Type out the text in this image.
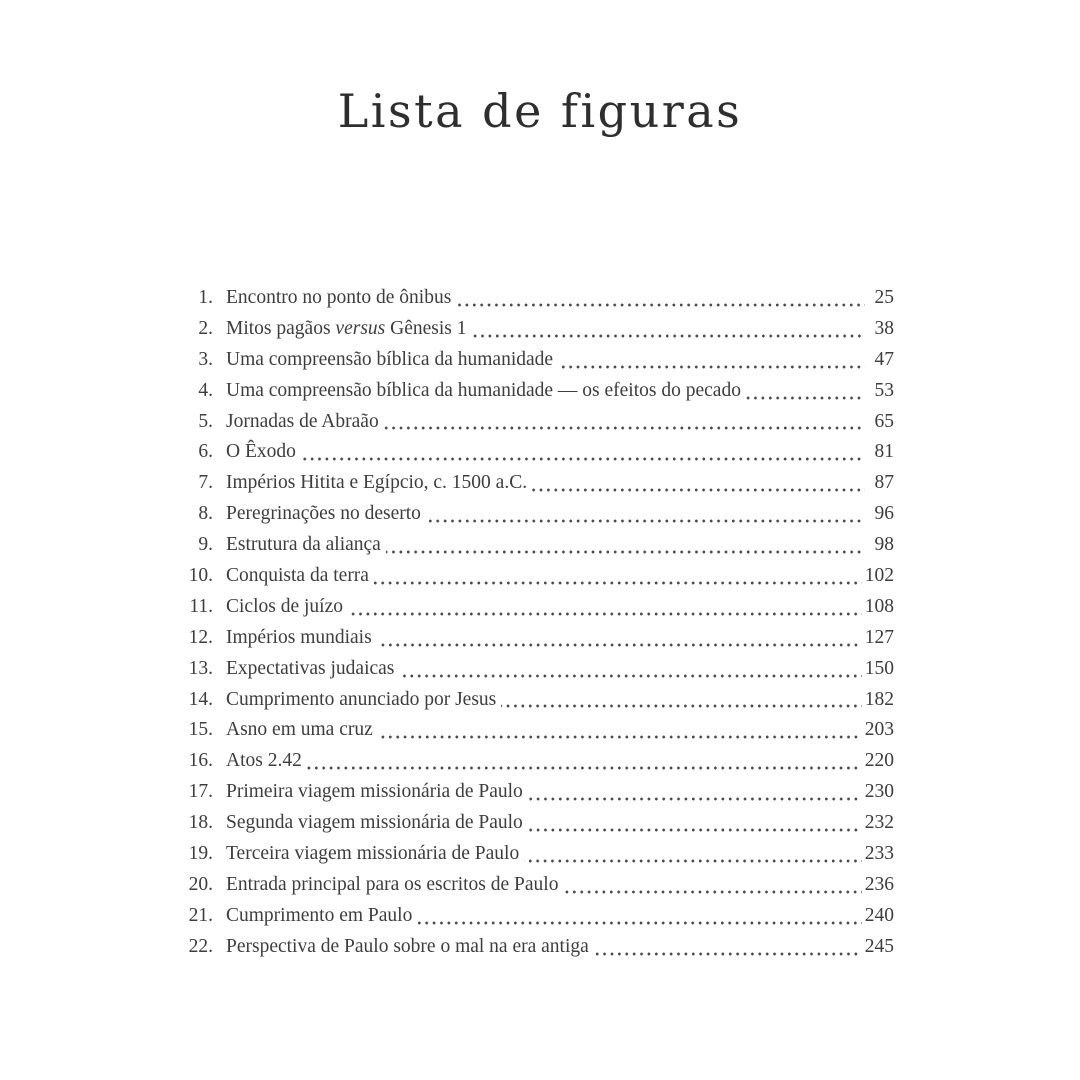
Lista de figuras
1. Encontro no ponto de ônibus	25
2. Mitos pagãos versus Gênesis 1	38
3. Uma compreensão bíblica da humanidade	47
4. Uma compreensão bíblica da humanidade — os efeitos do pecado	53
5. Jornadas de Abraão	65
6. O Êxodo	81
7. Impérios Hitita e Egípcio, c. 1500 a.C.	87
8. Peregrinações no deserto	96
9. Estrutura da aliança	98
10. Conquista da terra	102
11. Ciclos de juízo	108
12. Impérios mundiais	127
13. Expectativas judaicas	150
14. Cumprimento anunciado por Jesus	182
15. Asno em uma cruz	203
16. Atos 2.42	220
17. Primeira viagem missionária de Paulo	230
18. Segunda viagem missionária de Paulo	232
19. Terceira viagem missionária de Paulo	233
20. Entrada principal para os escritos de Paulo	236
21. Cumprimento em Paulo	240
22. Perspectiva de Paulo sobre o mal na era antiga	245
